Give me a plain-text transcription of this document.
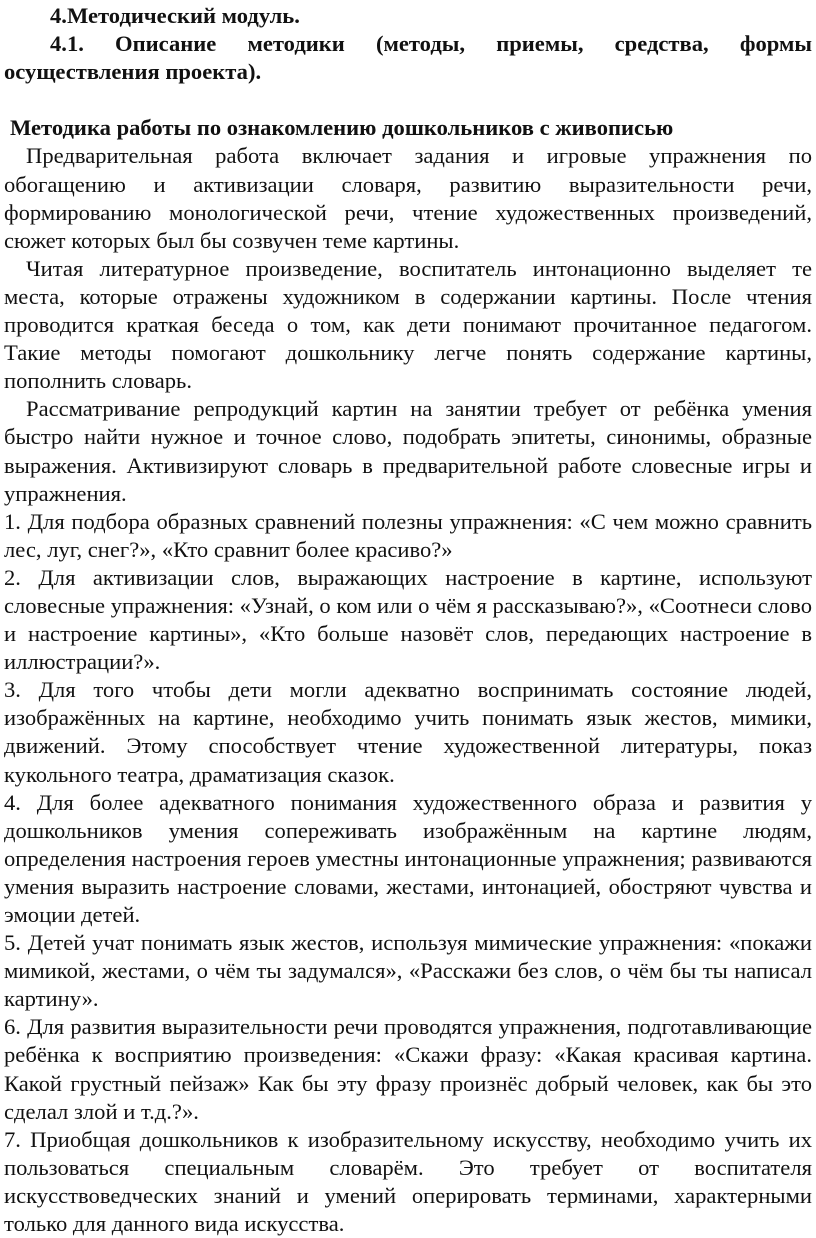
4.Методический модуль.

4.1. Описание методики (методы, приемы, средства, формы осуществления проекта).

Методика работы по ознакомлению дошкольников с живописью

Предварительная работа включает задания и игровые упражнения по обогащению и активизации словаря, развитию выразительности речи, формированию монологической речи, чтение художественных произведений, сюжет которых был бы созвучен теме картины.

Читая литературное произведение, воспитатель интонационно выделяет те места, которые отражены художником в содержании картины. После чтения проводится краткая беседа о том, как дети понимают прочитанное педагогом. Такие методы помогают дошкольнику легче понять содержание картины, пополнить словарь.

Рассматривание репродукций картин на занятии требует от ребёнка умения быстро найти нужное и точное слово, подобрать эпитеты, синонимы, образные выражения. Активизируют словарь в предварительной работе словесные игры и упражнения.

1. Для подбора образных сравнений полезны упражнения: «С чем можно сравнить лес, луг, снег?», «Кто сравнит более красиво?»

2. Для активизации слов, выражающих настроение в картине, используют словесные упражнения: «Узнай, о ком или о чём я рассказываю?», «Соотнеси слово и настроение картины», «Кто больше назовёт слов, передающих настроение в иллюстрации?».

3. Для того чтобы дети могли адекватно воспринимать состояние людей, изображённых на картине, необходимо учить понимать язык жестов, мимики, движений. Этому способствует чтение художественной литературы, показ кукольного театра, драматизация сказок.

4. Для более адекватного понимания художественного образа и развития у дошкольников умения сопереживать изображённым на картине людям, определения настроения героев уместны интонационные упражнения; развиваются умения выразить настроение словами, жестами, интонацией, обостряют чувства и эмоции детей.

5. Детей учат понимать язык жестов, используя мимические упражнения: «покажи мимикой, жестами, о чём ты задумался», «Расскажи без слов, о чём бы ты написал картину».

6. Для развития выразительности речи проводятся упражнения, подготавливающие ребёнка к восприятию произведения: «Скажи фразу: «Какая красивая картина. Какой грустный пейзаж» Как бы эту фразу произнёс добрый человек, как бы это сделал злой и т.д.?».

7. Приобщая дошкольников к изобразительному искусству, необходимо учить их пользоваться специальным словарём. Это требует от воспитателя искусствоведческих знаний и умений оперировать терминами, характерными только для данного вида искусства.
